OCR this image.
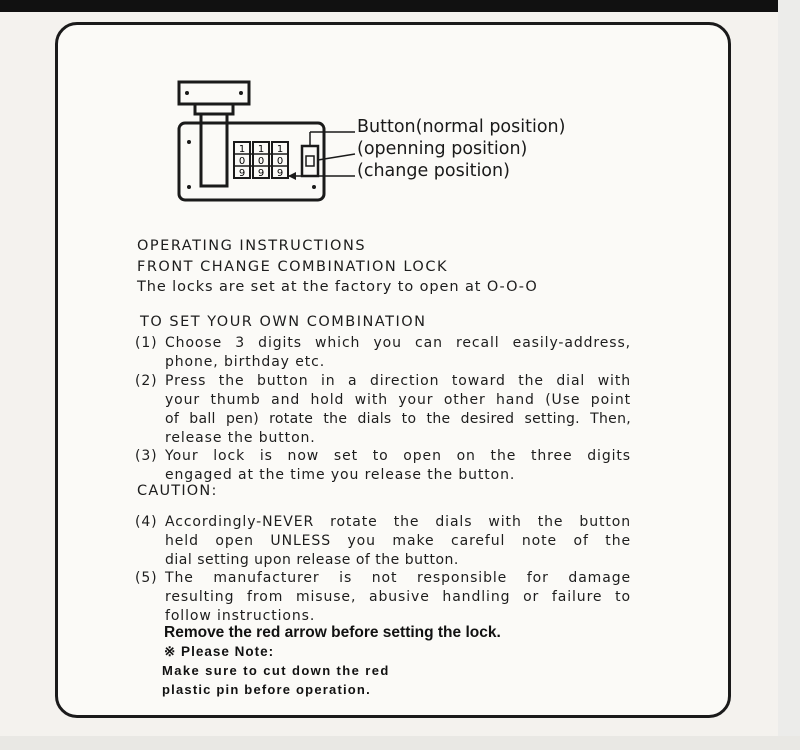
1 1 1
0 0 0
9 9 9
Button(normal position)
(openning position)
(change position)
OPERATING INSTRUCTIONS
FRONT CHANGE COMBINATION LOCK
The locks are set at the factory to open at O-O-O
TO SET YOUR OWN COMBINATION
(1) Choose 3 digits which you can recall easily-address,
phone, birthday etc.
(2) Press the button in a direction toward the dial with
your thumb and hold with your other hand (Use point
of ball pen) rotate the dials to the desired setting. Then,
release the button.
(3) Your lock is now set to open on the three digits
engaged at the time you release the button.
CAUTION:
(4) Accordingly-NEVER rotate the dials with the button
held open UNLESS you make careful note of the
dial setting upon release of the button.
(5) The manufacturer is not responsible for damage
resulting from misuse, abusive handling or failure to
follow instructions.
Remove the red arrow before setting the lock.
※ Please Note:
Make sure to cut down the red
plastic pin before operation.
